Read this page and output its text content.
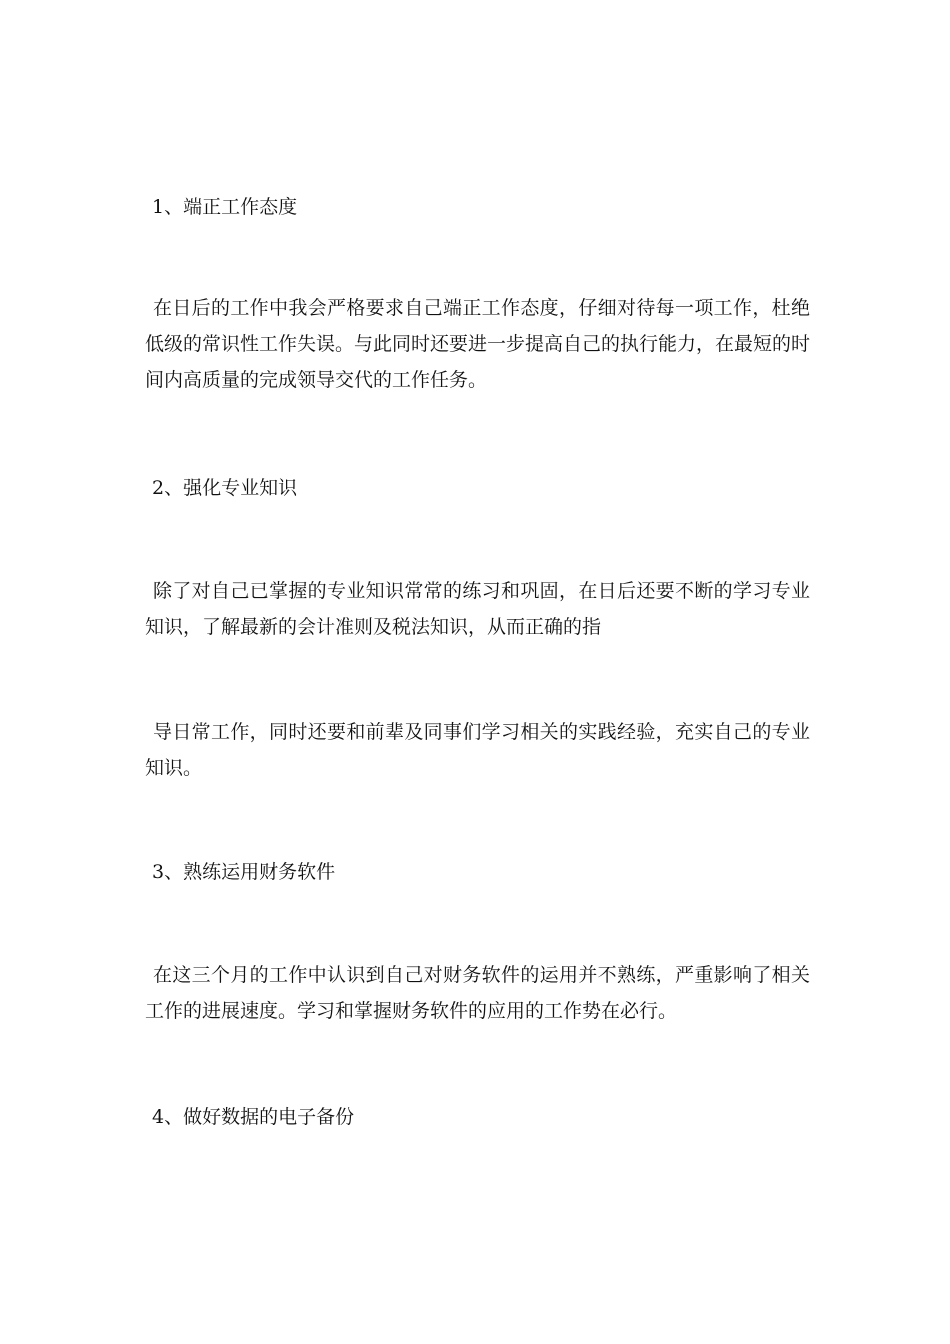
1、端正工作态度

在日后的工作中我会严格要求自己端正工作态度，仔细对待每一项工作，杜绝低级的常识性工作失误。与此同时还要进一步提高自己的执行能力，在最短的时间内高质量的完成领导交代的工作任务。

2、强化专业知识

除了对自己已掌握的专业知识常常的练习和巩固，在日后还要不断的学习专业知识，了解最新的会计准则及税法知识，从而正确的指

导日常工作，同时还要和前辈及同事们学习相关的实践经验，充实自己的专业知识。

3、熟练运用财务软件

在这三个月的工作中认识到自己对财务软件的运用并不熟练，严重影响了相关工作的进展速度。学习和掌握财务软件的应用的工作势在必行。

4、做好数据的电子备份
